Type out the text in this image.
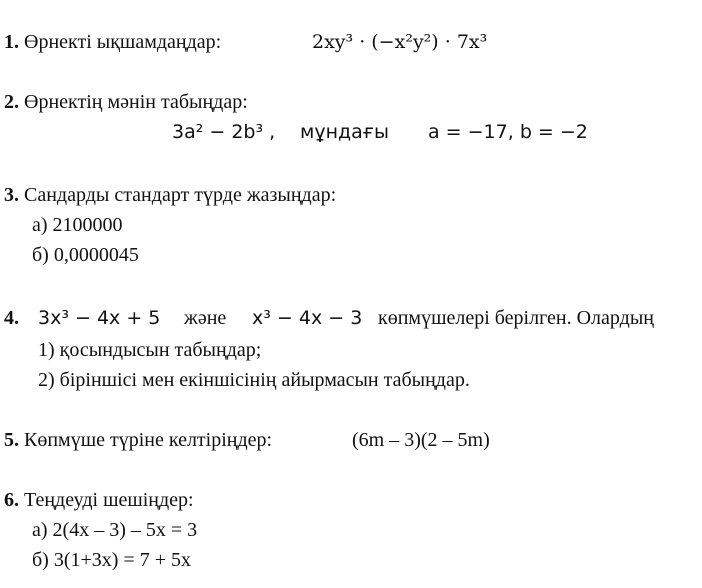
1. Өрнекті ықшамдаңдар:	2xy³ · (−x²y²) · 7x³
2. Өрнектің мәнін табыңдар:
3a² − 2b³ , мұндағы a = −17, b = −2
3. Сандарды стандарт түрде жазыңдар:
а) 2100000
б) 0,0000045
4. 3x³ − 4x + 5 және x³ − 4x − 3 көпмүшелері берілген. Олардың
1) қосындысын табыңдар;
2) біріншісі мен екіншісінің айырмасын табыңдар.
5. Көпмүше түріне келтіріңдер:	(6m – 3)(2 – 5m)
6. Теңдеуді шешіңдер:
а) 2(4x – 3) – 5x = 3
б) 3(1+3x) = 7 + 5x
